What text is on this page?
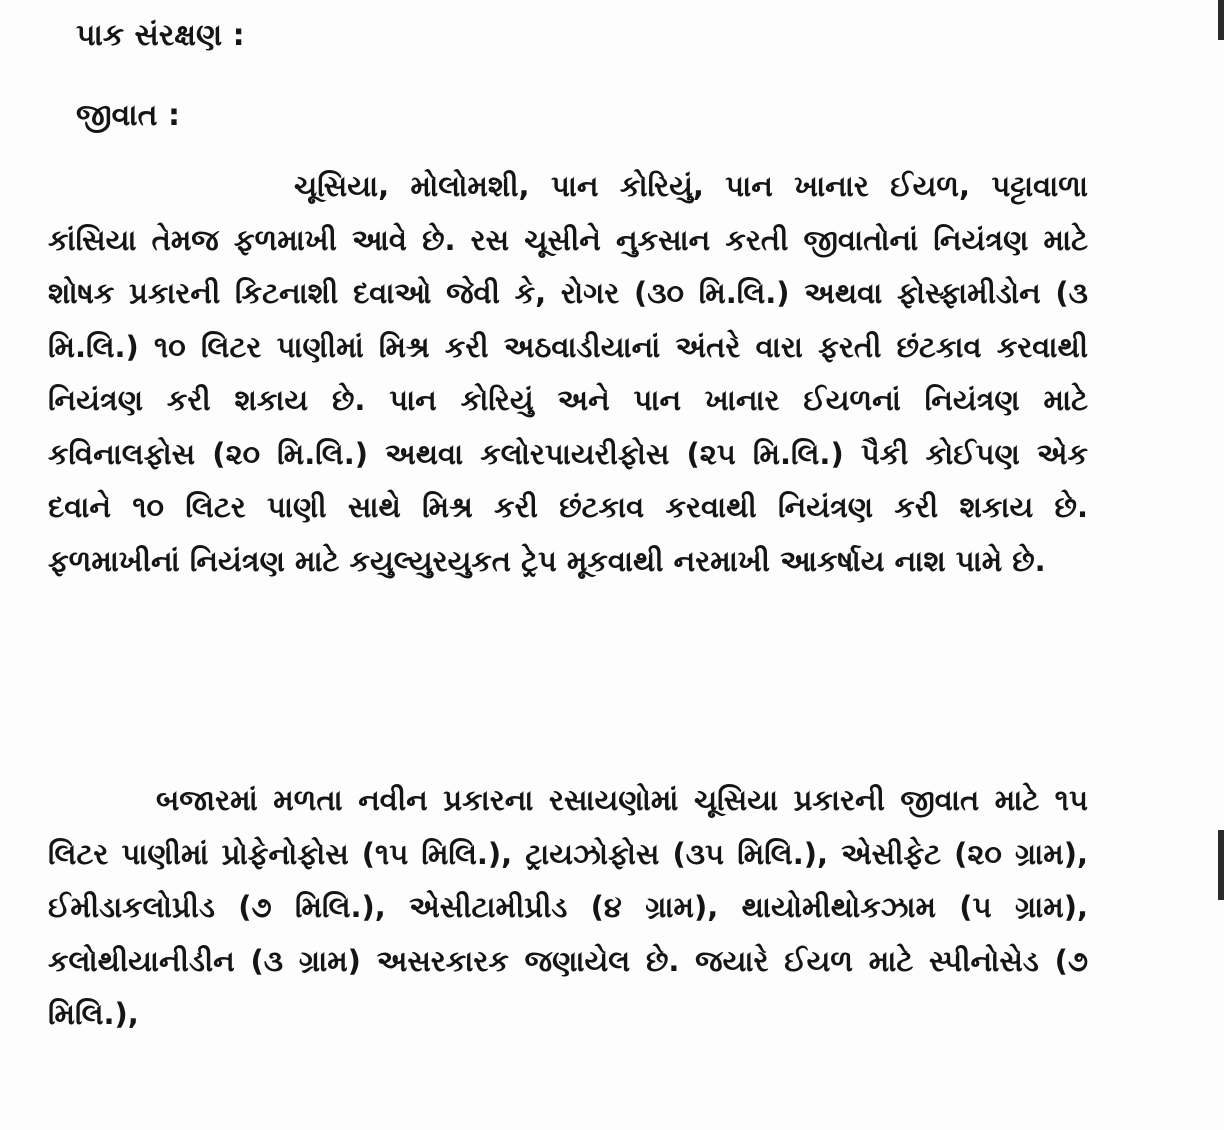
પાક સંરક્ષણ :
જીવાત :

ચૂસિયા, મોલોમશી, પાન કોરિયું, પાન ખાનાર ઈયળ, પટ્ટાવાળા કાંસિયા તેમજ ફળમાખી આવે છે. રસ ચૂસીને નુકસાન કરતી જીવાતોનાં નિયંત્રણ માટે શોષક પ્રકારની કિટનાશી દવાઓ જેવી કે, રોગર (૩૦ મિ.લિ.) અથવા ફોસ્ફામીડોન (૩ મિ.લિ.) ૧૦ લિટર પાણીમાં મિશ્ર કરી અઠવાડીયાનાં અંતરે વારા ફરતી છંટકાવ કરવાથી નિયંત્રણ કરી શકાય છે. પાન કોરિયું અને પાન ખાનાર ઈયળનાં નિયંત્રણ માટે કવિનાલફોસ (૨૦ મિ.લિ.) અથવા કલોરપાયરીફોસ (૨૫ મિ.લિ.) પૈકી કોઈપણ એક દવાને ૧૦ લિટર પાણી સાથે મિશ્ર કરી છંટકાવ કરવાથી નિયંત્રણ કરી શકાય છે. ફળમાખીનાં નિયંત્રણ માટે કયુલ્યુરયુકત ટ્રેપ મૂકવાથી નરમાખી આકર્ષાય નાશ પામે છે.

બજારમાં મળતા નવીન પ્રકારના રસાયણોમાં ચૂસિયા પ્રકારની જીવાત માટે ૧૫ લિટર પાણીમાં પ્રોફેનોફોસ (૧૫ મિલિ.), ટ્રાયઝોફોસ (૩૫ મિલિ.), એસીફેટ (૨૦ ગ્રામ), ઈમીડાકલોપ્રીડ (૭ મિલિ.), એસીટામીપ્રીડ (૪ ગ્રામ), થાયોમીથોકઝામ (૫ ગ્રામ), કલોથીયાનીડીન (૩ ગ્રામ) અસરકારક જણાયેલ છે. જયારે ઈયળ માટે સ્પીનોસેડ (૭ મિલિ.),
